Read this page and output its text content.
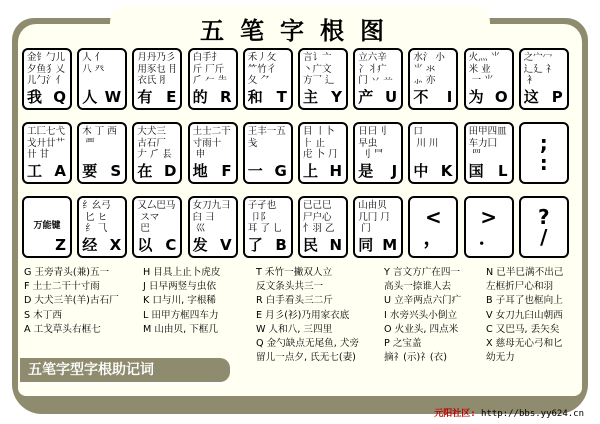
五笔字根图
金钅勹儿
夕鱼犭乂
儿勹氵亻
我 Q
人 亻
八 癶
人 W
月丹乃彡
用豕乜 ⺝
衣氏 ⺼
有 E
白手扌
斤 厂斤
⺁ 𠂉 ⺧
的 R
禾丿攵
⺮竹彳
夂 ⺈
和 T
言讠亠
丶广文
方乛 ⻍
主 Y
立六辛
冫丬疒
门 丷 䒑
产 U
水氵 小
⺌ 氺
⺗ 亦
不 I
火灬 ⺌
米 业
一 ⺌
为 O
之宀冖
辶廴 礻
衤
这 P
工匚七弋
戈廾廿艹
卄 甘
工 A
木 丁 西
覀
要 S
大犬三
古石厂
𠂇 ⺁ 镸
在 D
土士二干
寸雨十
申
地 F
王丰一五
戋
一 G
目 丨卜
⺊ 止
虍 卜 ⺆
上 H
日曰刂
早虫
刂 ⺜
是 J
口
川 川
中 K
田甲四皿
车力囗
罒
国 L
;
:
万能键
Z
纟幺弓
匕 ヒ
纟 ⺄
经 X
又厶巴马
スマ
巴
以 C
女刀九彐
臼 ⺕
巛
发 V
子孑也
卩阝
耳 了 乚
了 B
已己巳
尸户心
忄羽 乙
民 N
山由贝
几冂 ⺆
门
同 M
<
，
>
．
?
/
G 王旁青头(兼)五一
F 土士二干十寸雨
D 大犬三羊(羊)古石厂
S 木丁西
A 工戈草头右框七
H 目具上止卜虎皮
J 日早两竖与虫依
K 口与川, 字根稀
L 田甲方框四车力
M 山由贝, 下框几
T 禾竹一撇双人立
反文条头共三一
R 白手看头三二斤
E 月彡(衫)乃用家衣底
W 人和八, 三四里
Q 金勺缺点无尾鱼, 犬旁
留儿一点夕, 氏无七(妻)
Y 言文方广在四一
高头一捺谁人去
U 立辛两点六门疒
I 水旁兴头小倒立
O 火业头, 四点米
P 之宝盖
摘礻(示)礻(衣)
N 已半巳满不出己
左框折尸心和羽
B 子耳了也框向上
V 女刀九臼山朝西
C 又巴马, 丢矢矣
X 慈母无心弓和匕
幼无力
五笔字型字根助记词
元阳社区: http://bbs.yy624.cn
